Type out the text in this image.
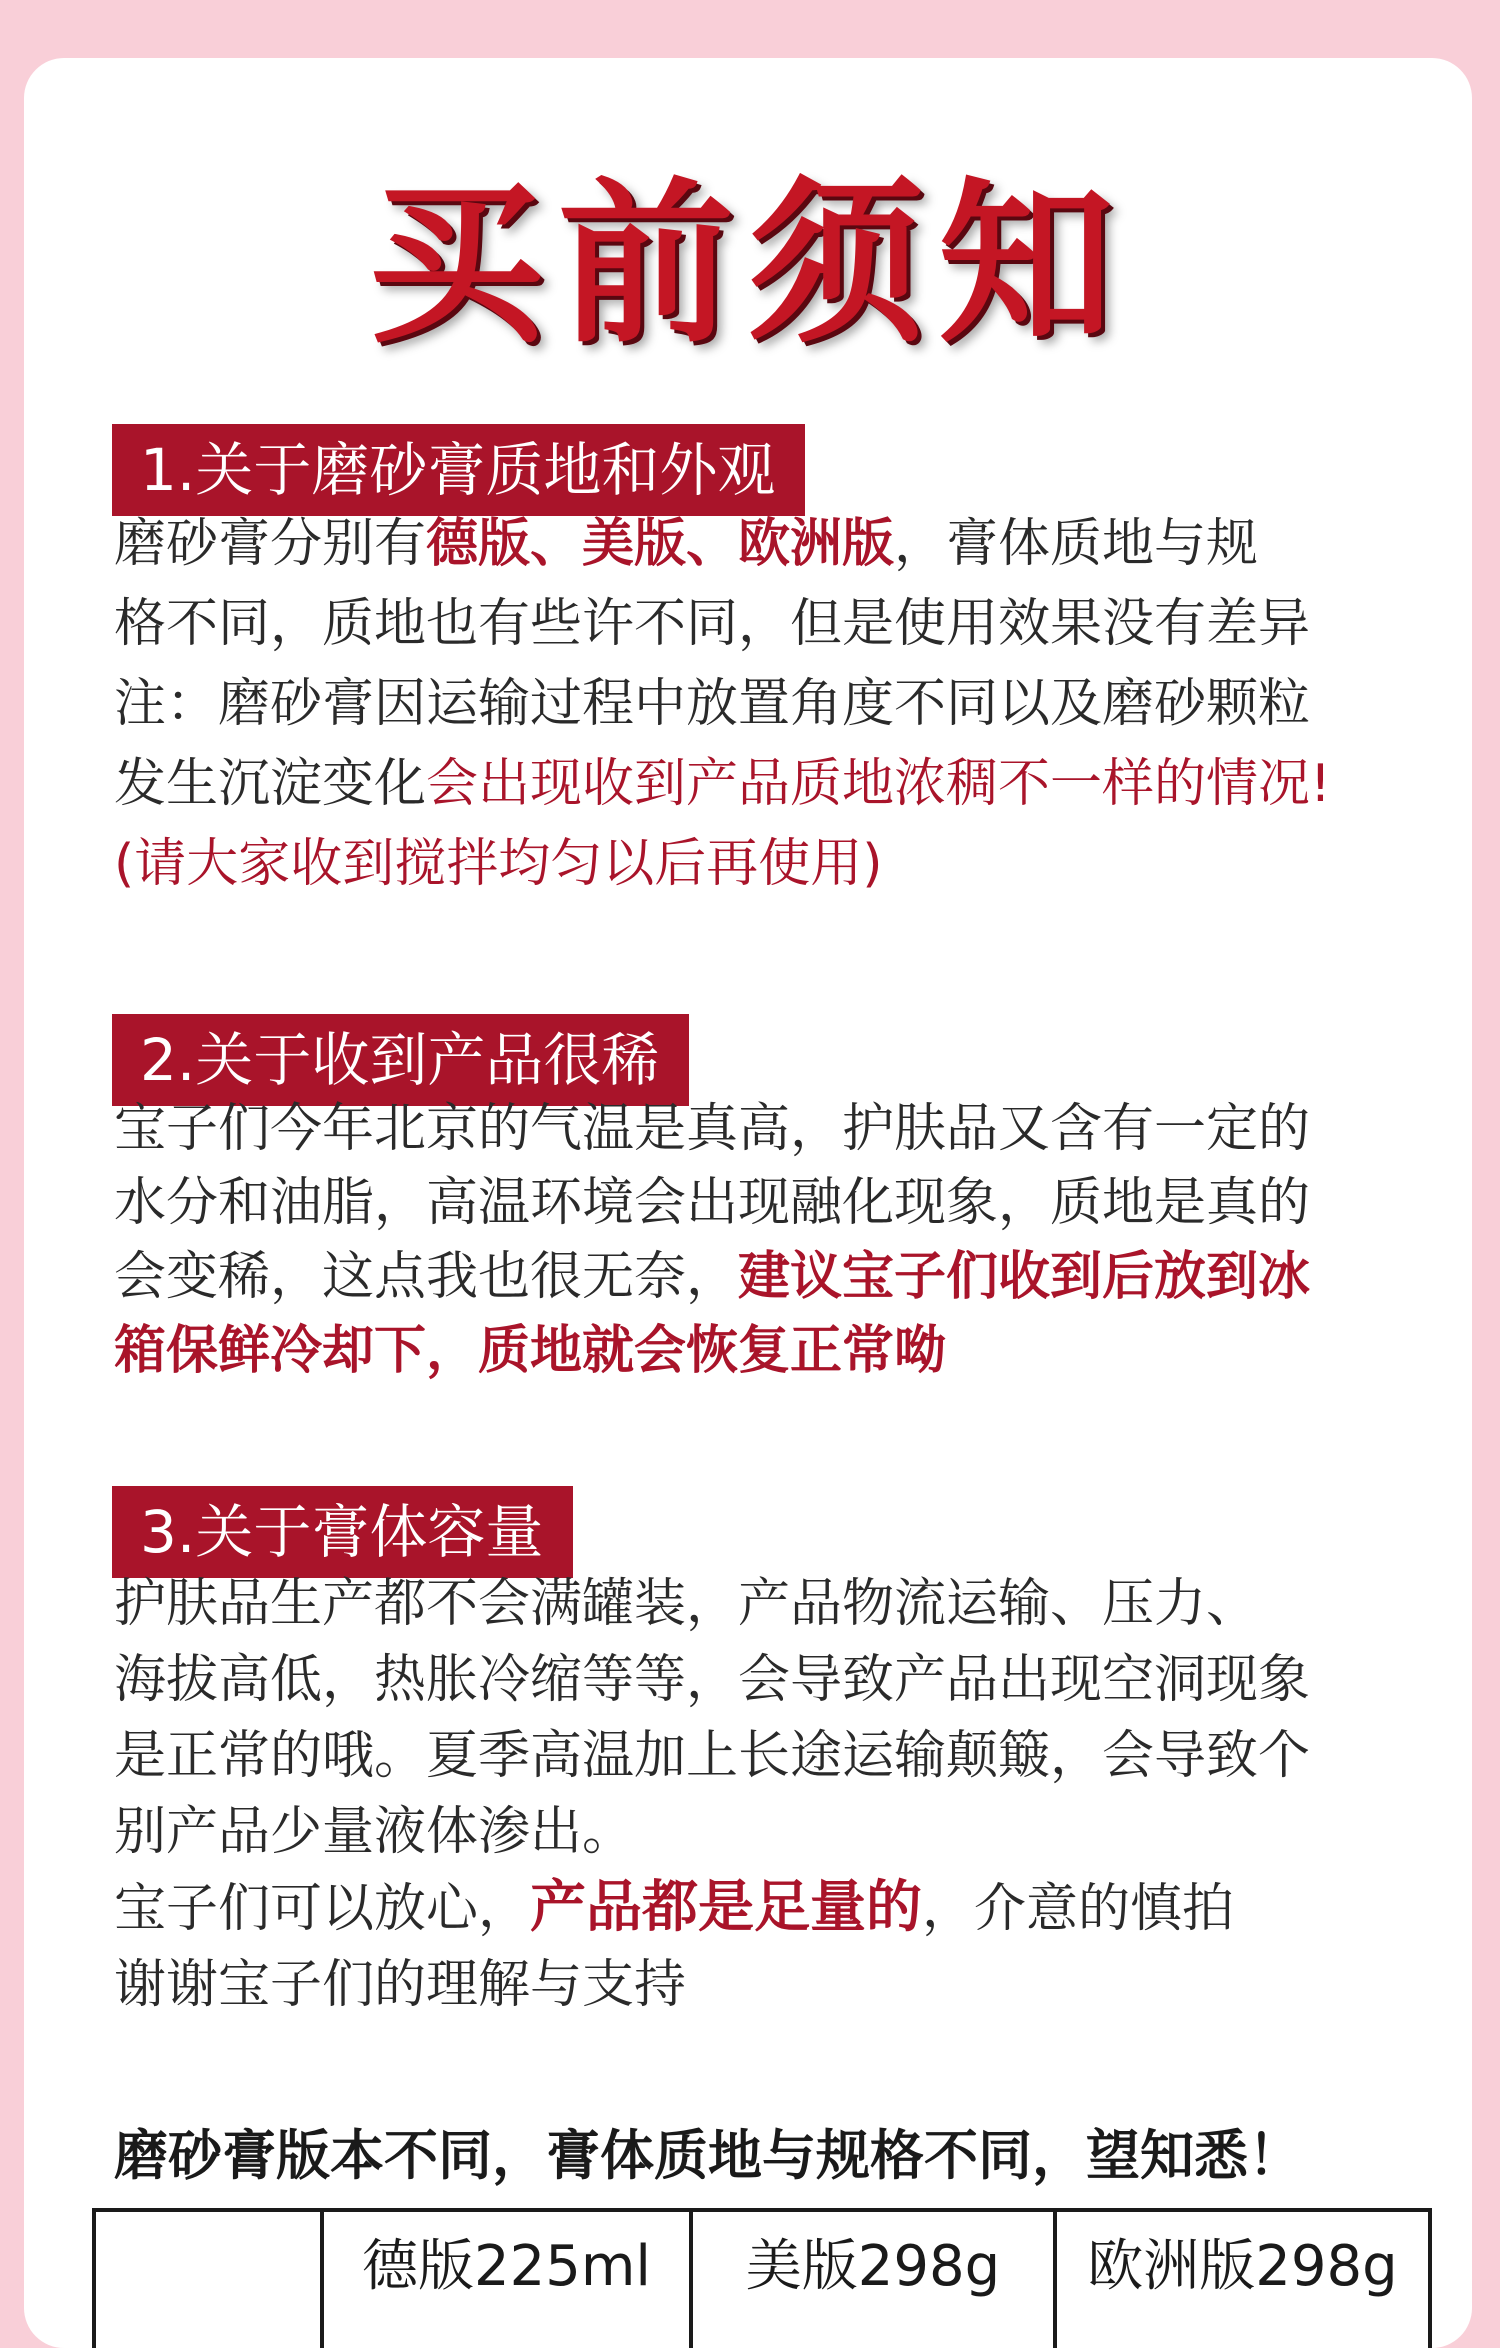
买前须知
1.关于磨砂膏质地和外观

磨砂膏分别有德版、美版、欧洲版，膏体质地与规

格不同，质地也有些许不同，但是使用效果没有差异

注：磨砂膏因运输过程中放置角度不同以及磨砂颗粒

发生沉淀变化会出现收到产品质地浓稠不一样的情况!

(请大家收到搅拌均匀以后再使用)

2.关于收到产品很稀

宝子们今年北京的气温是真高，护肤品又含有一定的

水分和油脂，高温环境会出现融化现象，质地是真的

会变稀，这点我也很无奈，建议宝子们收到后放到冰

箱保鲜冷却下，质地就会恢复正常呦

3.关于膏体容量

护肤品生产都不会满罐装，产品物流运输、压力、

海拔高低，热胀冷缩等等，会导致产品出现空洞现象

是正常的哦。夏季高温加上长途运输颠簸，会导致个

别产品少量液体渗出。

宝子们可以放心，产品都是足量的，介意的慎拍

谢谢宝子们的理解与支持

磨砂膏版本不同，膏体质地与规格不同，望知悉！

	德版225ml	美版298g	欧洲版298g
